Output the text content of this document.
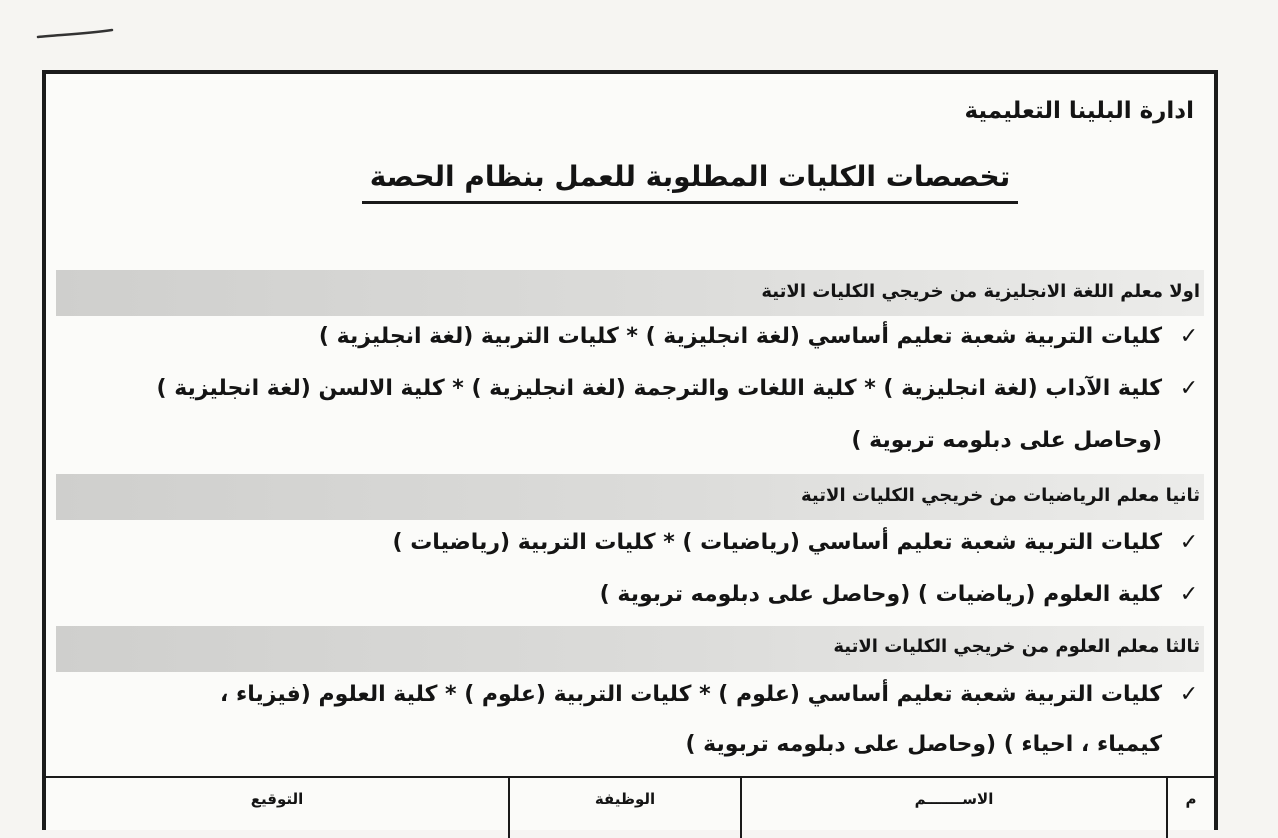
ادارة البلينا التعليمية

تخصصات الكليات المطلوبة للعمل بنظام الحصة
اولا معلم اللغة الانجليزية من خريجي الكليات الاتية
✓
كليات التربية شعبة تعليم أساسي (لغة انجليزية ) * كليات التربية (لغة انجليزية )
✓
كلية الآداب (لغة انجليزية ) * كلية اللغات والترجمة (لغة انجليزية ) * كلية الالسن (لغة انجليزية )
(وحاصل على دبلومه تربوية )
ثانيا معلم الرياضيات من خريجي الكليات الاتية
✓
كليات التربية شعبة تعليم أساسي (رياضيات ) * كليات التربية (رياضيات )
✓
كلية العلوم (رياضيات ) (وحاصل على دبلومه تربوية )
ثالثا معلم العلوم من خريجي الكليات الاتية
✓
كليات التربية شعبة تعليم أساسي (علوم ) * كليات التربية (علوم ) * كلية العلوم (فيزياء ،
كيمياء ، احياء ) (وحاصل على دبلومه تربوية )
م
الاســـــــم
الوظيفة
التوقيع
